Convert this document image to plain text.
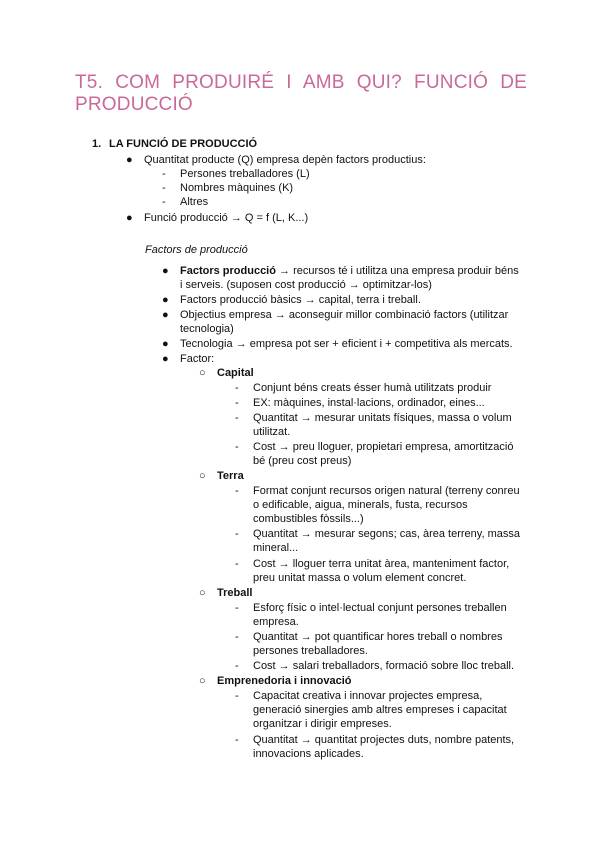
T5. COM PRODUIRÉ I AMB QUI? FUNCIÓ DE PRODUCCIÓ
1. LA FUNCIÓ DE PRODUCCIÓ
● Quantitat producte (Q) empresa depèn factors productius:
- Persones treballadores (L)
- Nombres màquines (K)
- Altres
● Funció producció → Q = f (L, K...)
Factors de producció
● Factors producció → recursos té i utilitza una empresa produir béns
i serveis. (suposen cost producció → optimitzar-los)
● Factors producció bàsics → capital, terra i treball.
● Objectius empresa → aconseguir millor combinació factors (utilitzar
tecnologia)
● Tecnologia → empresa pot ser + eficient i + competitiva als mercats.
● Factor:
○ Capital
- Conjunt béns creats ésser humà utilitzats produir
- EX: màquines, instal·lacions, ordinador, eines...
- Quantitat → mesurar unitats físiques, massa o volum
utilitzat.
- Cost → preu lloguer, propietari empresa, amortització
bé (preu cost preus)
○ Terra
- Format conjunt recursos origen natural (terreny conreu
o edificable, aigua, minerals, fusta, recursos
combustibles fòssils...)
- Quantitat → mesurar segons; cas, àrea terreny, massa
mineral...
- Cost → lloguer terra unitat àrea, manteniment factor,
preu unitat massa o volum element concret.
○ Treball
- Esforç físic o intel·lectual conjunt persones treballen
empresa.
- Quantitat → pot quantificar hores treball o nombres
persones treballadores.
- Cost → salari treballadors, formació sobre lloc treball.
○ Emprenedoria i innovació
- Capacitat creativa i innovar projectes empresa,
generació sinergies amb altres empreses i capacitat
organitzar i dirigir empreses.
- Quantitat → quantitat projectes duts, nombre patents,
innovacions aplicades.
